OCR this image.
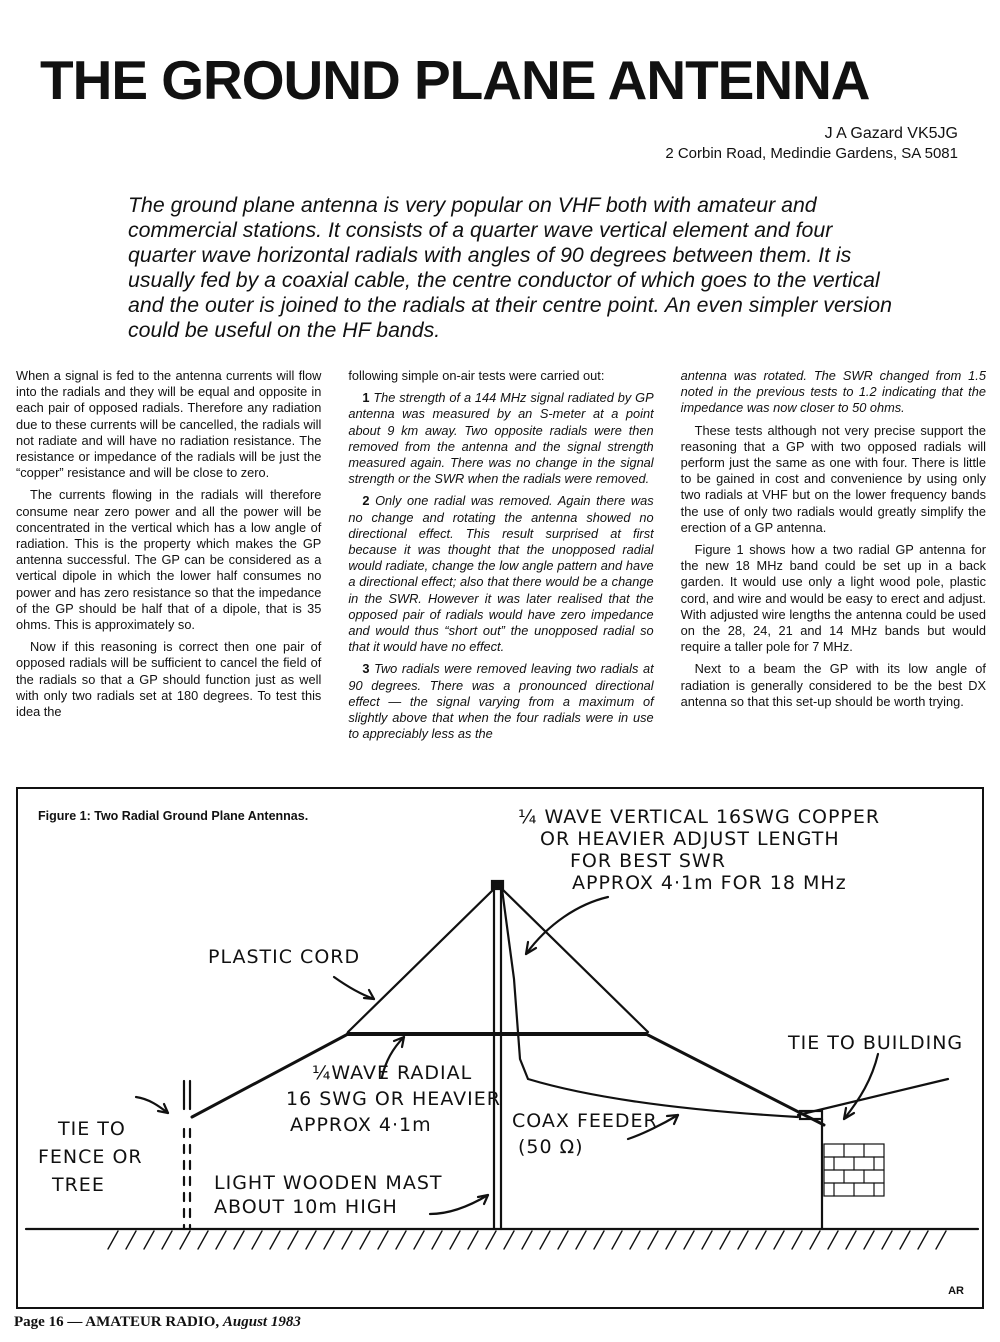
THE GROUND PLANE ANTENNA
J A Gazard VK5JG
2 Corbin Road, Medindie Gardens, SA 5081

The ground plane antenna is very popular on VHF both with amateur and commercial stations. It consists of a quarter wave vertical element and four quarter wave horizontal radials with angles of 90 degrees between them. It is usually fed by a coaxial cable, the centre conductor of which goes to the vertical and the outer is joined to the radials at their centre point. An even simpler version could be useful on the HF bands.

When a signal is fed to the antenna currents will flow into the radials and they will be equal and opposite in each pair of opposed radials. Therefore any radiation due to these currents will be cancelled, the radials will not radiate and will have no radiation resistance. The resistance or impedance of the radials will be just the “copper” resistance and will be close to zero.

The currents flowing in the radials will therefore consume near zero power and all the power will be concentrated in the vertical which has a low angle of radiation. This is the property which makes the GP antenna successful. The GP can be considered as a vertical dipole in which the lower half consumes no power and has zero resistance so that the impedance of the GP should be half that of a dipole, that is 35 ohms. This is approximately so.

Now if this reasoning is correct then one pair of opposed radials will be sufficient to cancel the field of the radials so that a GP should function just as well with only two radials set at 180 degrees. To test this idea the

following simple on-air tests were carried out:

1 The strength of a 144 MHz signal radiated by GP antenna was measured by an S-meter at a point about 9 km away. Two opposite radials were then removed from the antenna and the signal strength measured again. There was no change in the signal strength or the SWR when the radials were removed.

2 Only one radial was removed. Again there was no change and rotating the antenna showed no directional effect. This result surprised at first because it was thought that the unopposed radial would radiate, change the low angle pattern and have a directional effect; also that there would be a change in the SWR. However it was later realised that the opposed pair of radials would have zero impedance and would thus “short out” the unopposed radial so that it would have no effect.

3 Two radials were removed leaving two radials at 90 degrees. There was a pronounced directional effect — the signal varying from a maximum of slightly above that when the four radials were in use to appreciably less as the

antenna was rotated. The SWR changed from 1.5 noted in the previous tests to 1.2 indicating that the impedance was now closer to 50 ohms.

These tests although not very precise support the reasoning that a GP with two opposed radials will perform just the same as one with four. There is little to be gained in cost and convenience by using only two radials at VHF but on the lower frequency bands the use of only two radials would greatly simplify the erection of a GP antenna.

Figure 1 shows how a two radial GP antenna for the new 18 MHz band could be set up in a back garden. It would use only a light wood pole, plastic cord, and wire and would be easy to erect and adjust. With adjusted wire lengths the antenna could be used on the 28, 24, 21 and 14 MHz bands but would require a taller pole for 7 MHz.

Next to a beam the GP with its low angle of radiation is generally considered to be the best DX antenna so that this set-up should be worth trying.

Figure 1: Two Radial Ground Plane Antennas.	¼ WAVE VERTICAL 16SWG COPPER
OR HEAVIER ADJUST LENGTH
FOR BEST SWR
APPROX 4·1m FOR 18 MHz
PLASTIC CORD
TIE TO BUILDING
¼WAVE RADIAL
16 SWG OR HEAVIER
APPROX 4·1m	COAX FEEDER
(50 Ω)
TIE TO
FENCE OR
TREE	LIGHT WOODEN MAST
ABOUT 10m HIGH
AR
Page 16 — AMATEUR RADIO, August 1983
